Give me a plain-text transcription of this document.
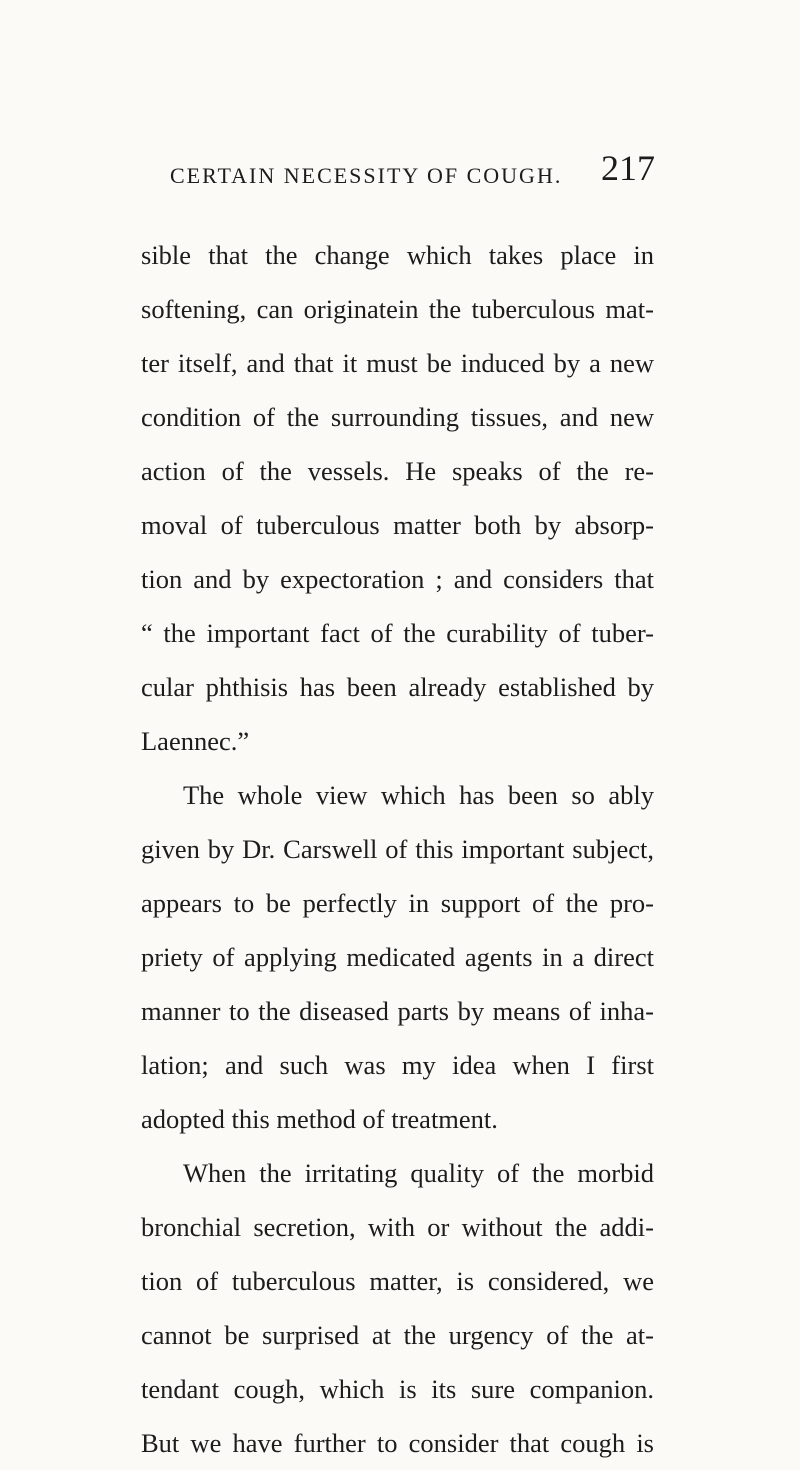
CERTAIN NECESSITY OF COUGH. 217
sible that the change which takes place in
softening, can originatein the tuberculous mat-
ter itself, and that it must be induced by a new
condition of the surrounding tissues, and new
action of the vessels. He speaks of the re-
moval of tuberculous matter both by absorp-
tion and by expectoration ; and considers that
“ the important fact of the curability of tuber-
cular phthisis has been already established by
Laennec.”
The whole view which has been so ably
given by Dr. Carswell of this important subject,
appears to be perfectly in support of the pro-
priety of applying medicated agents in a direct
manner to the diseased parts by means of inha-
lation; and such was my idea when I first
adopted this method of treatment.
When the irritating quality of the morbid
bronchial secretion, with or without the addi-
tion of tuberculous matter, is considered, we
cannot be surprised at the urgency of the at-
tendant cough, which is its sure companion.
But we have further to consider that cough is
